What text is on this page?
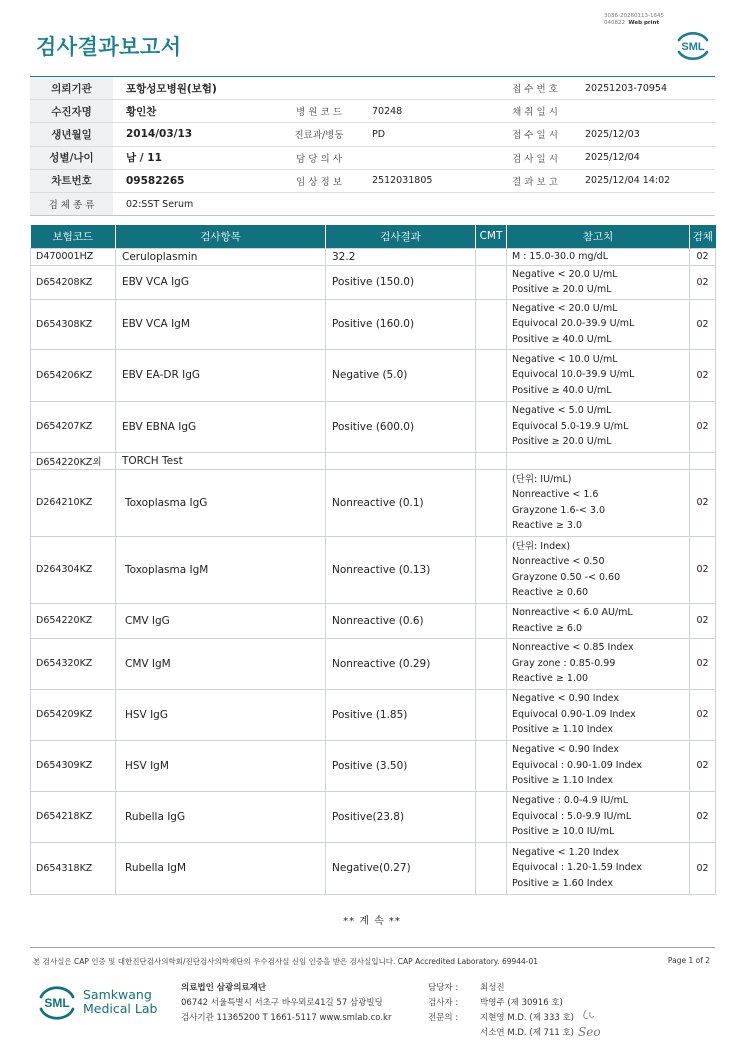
검사결과보고서
3036-20260113-1645
040822 Web print
SML
의뢰기관	포항성모병원(보험)	접 수 번 호	20251203-70954
수진자명	황인찬	병 원 코 드	70248	채 취 일 시
생년월일	2014/03/13	진료과/병동	PD	접 수 일 시	2025/12/03
성별/나이	남 / 11	담 당 의 사	검 사 일 시	2025/12/04
차트번호	09582265	임 상 정 보	2512031805	결 과 보 고	2025/12/04 14:02
검 체 종 류	02:SST Serum
보험코드	검사항목	검사결과	CMT	참고치	검체
D470001HZ	Ceruloplasmin	32.2		M : 15.0-30.0 mg/dL	02
D654208KZ	EBV VCA IgG	Positive (150.0)		Negative < 20.0 U/mL
Positive ≥ 20.0 U/mL	02
D654308KZ	EBV VCA IgM	Positive (160.0)		Negative < 20.0 U/mL
Equivocal 20.0-39.9 U/mL
Positive ≥ 40.0 U/mL	02
D654206KZ	EBV EA-DR IgG	Negative (5.0)		Negative < 10.0 U/mL
Equivocal 10.0-39.9 U/mL
Positive ≥ 40.0 U/mL	02
D654207KZ	EBV EBNA IgG	Positive (600.0)		Negative < 5.0 U/mL
Equivocal 5.0-19.9 U/mL
Positive ≥ 20.0 U/mL	02
D654220KZ외	TORCH Test				
D264210KZ	Toxoplasma IgG	Nonreactive (0.1)		(단위: IU/mL)
Nonreactive < 1.6
Grayzone 1.6-< 3.0
Reactive ≥ 3.0	02
D264304KZ	Toxoplasma IgM	Nonreactive (0.13)		(단위: Index)
Nonreactive < 0.50
Grayzone 0.50 -< 0.60
Reactive ≥ 0.60	02
D654220KZ	CMV IgG	Nonreactive (0.6)		Nonreactive < 6.0 AU/mL
Reactive ≥ 6.0	02
D654320KZ	CMV IgM	Nonreactive (0.29)		Nonreactive < 0.85 Index
Gray zone : 0.85-0.99
Reactive ≥ 1.00	02
D654209KZ	HSV IgG	Positive (1.85)		Negative < 0.90 Index
Equivocal 0.90-1.09 Index
Positive ≥ 1.10 Index	02
D654309KZ	HSV IgM	Positive (3.50)		Negative < 0.90 Index
Equivocal : 0.90-1.09 Index
Positive ≥ 1.10 Index	02
D654218KZ	Rubella IgG	Positive(23.8)		Negative : 0.0-4.9 IU/mL
Equivocal : 5.0-9.9 IU/mL
Positive ≥ 10.0 IU/mL	02
D654318KZ	Rubella IgM	Negative(0.27)		Negative < 1.20 Index
Equivocal : 1.20-1.59 Index
Positive ≥ 1.60 Index	02
** 계 속 **
본 검사실은 CAP 인증 및 대한진단검사의학회/진단검사의학재단의 우수검사실 신임 인증을 받은 검사실입니다. CAP Accredited Laboratory. 69944-01	Page 1 of 2
SML
Samkwang
Medical Lab
의료법인 삼광의료재단
06742 서울특별시 서초구 바우뫼로41길 57 삼광빌딩
검사기관 11365200 T 1661-5117 www.smlab.co.kr
담당자 :	최성진
검사자 :	박영주 (제 30916 호)
전문의 :	지현영 M.D. (제 333 호)
서소연 M.D. (제 711 호) Seo
